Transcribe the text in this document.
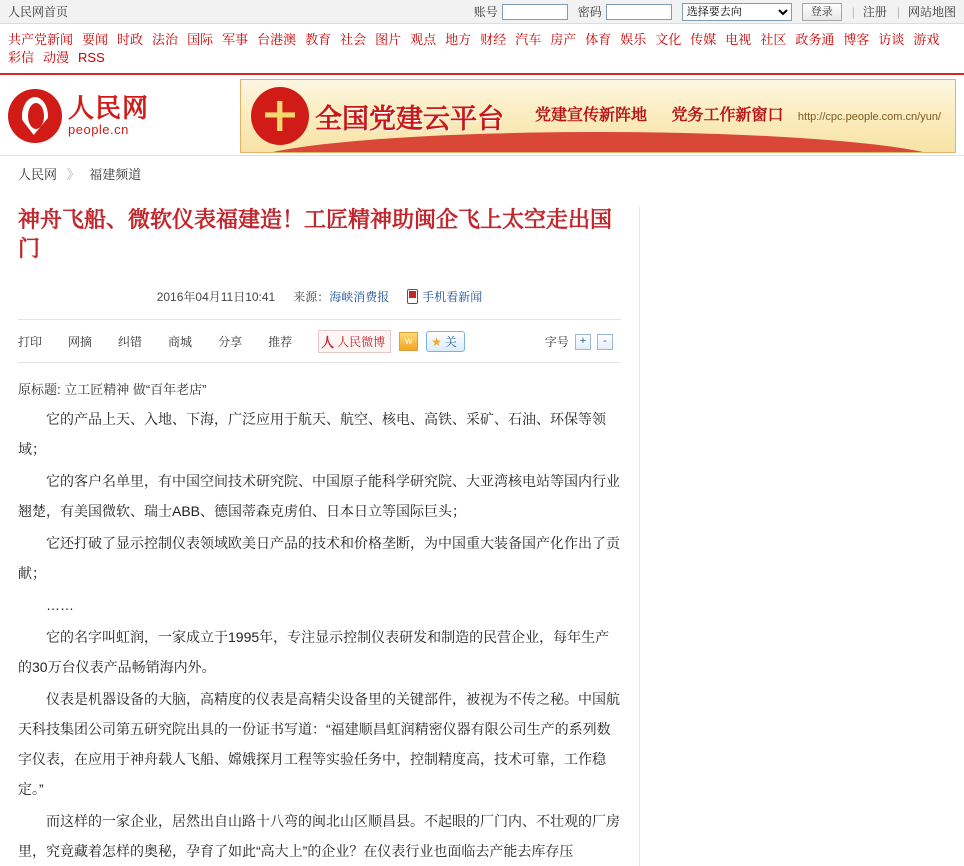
人民网首页	账号	密码
选择要去向	登录	| 注册 | 网站地图
共产党新闻 要闻 时政 法治 国际 军事 台港澳 教育 社会 图片 观点 地方 财经 汽车 房产 体育 娱乐 文化 传媒 电视 社区 政务通 博客 访谈 游戏彩信 动漫 RSS
人民网
people.cn	全国党建云平台	党建宣传新阵地 党务工作新窗口 http://cpc.people.com.cn/yun/
人民网 》 福建频道
神舟飞船、微软仪表福建造！工匠精神助闽企飞上太空走出国门
2016年04月11日10:41 来源：海峡消费报	手机看新闻
打印 网摘 纠错 商城 分享 推荐 人 人民微博	w	★ 关	字号 +	-
原标题: 立工匠精神 做“百年老店”

它的产品上天、入地、下海，广泛应用于航天、航空、核电、高铁、采矿、石油、环保等领域；

它的客户名单里，有中国空间技术研究院、中国原子能科学研究院、大亚湾核电站等国内行业翘楚，有美国微软、瑞士ABB、德国蒂森克虏伯、日本日立等国际巨头；

它还打破了显示控制仪表领域欧美日产品的技术和价格垄断，为中国重大装备国产化作出了贡献；

……

它的名字叫虹润，一家成立于1995年，专注显示控制仪表研发和制造的民营企业，每年生产的30万台仪表产品畅销海内外。

仪表是机器设备的大脑，高精度的仪表是高精尖设备里的关键部件，被视为不传之秘。中国航天科技集团公司第五研究院出具的一份证书写道：“福建顺昌虹润精密仪器有限公司生产的系列数字仪表，在应用于神舟载人飞船、嫦娥探月工程等实验任务中，控制精度高，技术可靠，工作稳定。”

而这样的一家企业，居然出自山路十八弯的闽北山区顺昌县。不起眼的厂门内、不壮观的厂房里，究竟藏着怎样的奥秘，孕育了如此“高大上”的企业？在仪表行业也面临去产能去库存压
